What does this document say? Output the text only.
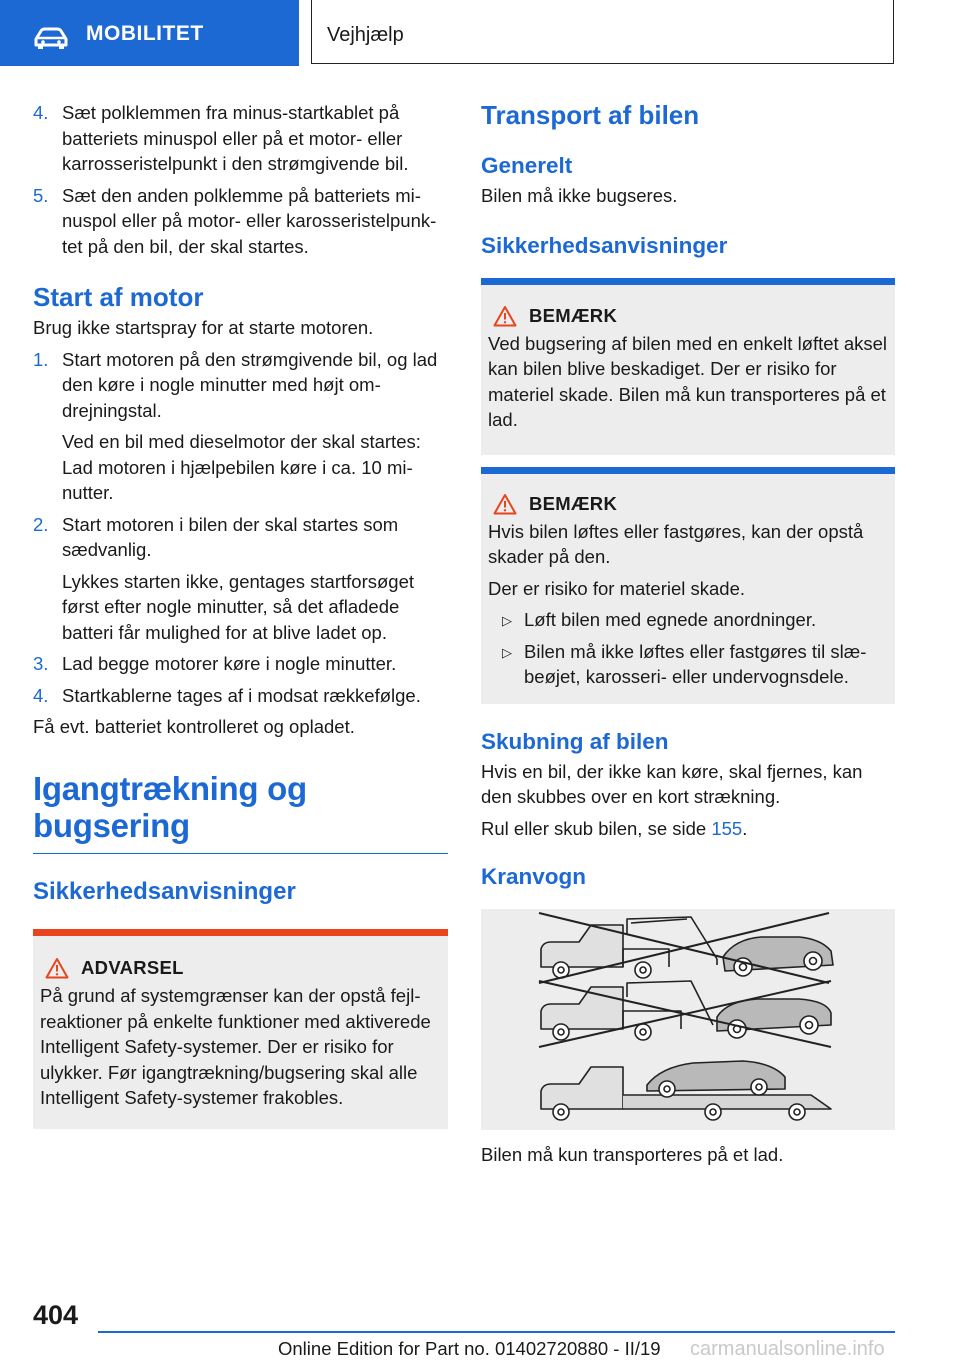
MOBILITET	Vejhjælp
4. Sæt polklemmen fra minus-startkablet på batteriets minuspol eller på et motor- eller karrosseristelpunkt i den strømgivende bil.
5. Sæt den anden polklemme på batteriets minuspol eller på motor- eller karosseristelpunktet på den bil, der skal startes.
Start af motor

Brug ikke startspray for at starte motoren.

1. Start motoren på den strømgivende bil, og lad den køre i nogle minutter med højt omdrejningstal.
Ved en bil med dieselmotor der skal startes: Lad motoren i hjælpebilen køre i ca. 10 minutter.
2. Start motoren i bilen der skal startes som sædvanlig.
Lykkes starten ikke, gentages startforsøget først efter nogle minutter, så det afladede batteri får mulighed for at blive ladet op.
3. Lad begge motorer køre i nogle minutter.
4. Startkablerne tages af i modsat rækkefølge.

Få evt. batteriet kontrolleret og opladet.

Igangtrækning og
bugsering
Sikkerhedsanvisninger
ADVARSEL

På grund af systemgrænser kan der opstå fejlreaktioner på enkelte funktioner med aktiverede Intelligent Safety-systemer. Der er risiko for ulykker. Før igangtrækning/bugsering skal alle Intelligent Safety-systemer frakobles.

Transport af bilen
Generelt

Bilen må ikke bugseres.

Sikkerhedsanvisninger
BEMÆRK

Ved bugsering af bilen med en enkelt løftet aksel kan bilen blive beskadiget. Der er risiko for materiel skade. Bilen må kun transporteres på et lad.

BEMÆRK

Hvis bilen løftes eller fastgøres, kan der opstå skader på den.

Der er risiko for materiel skade.

▷ Løft bilen med egnede anordninger.
▷ Bilen må ikke løftes eller fastgøres til slæbeøjet, karosseri- eller undervognsdele.
Skubning af bilen

Hvis en bil, der ikke kan køre, skal fjernes, kan den skubbes over en kort strækning.

Rul eller skub bilen, se side 155.

Kranvogn

Bilen må kun transporteres på et lad.

404
Online Edition for Part no. 01402720880 - II/19 carmanualsonline.info
